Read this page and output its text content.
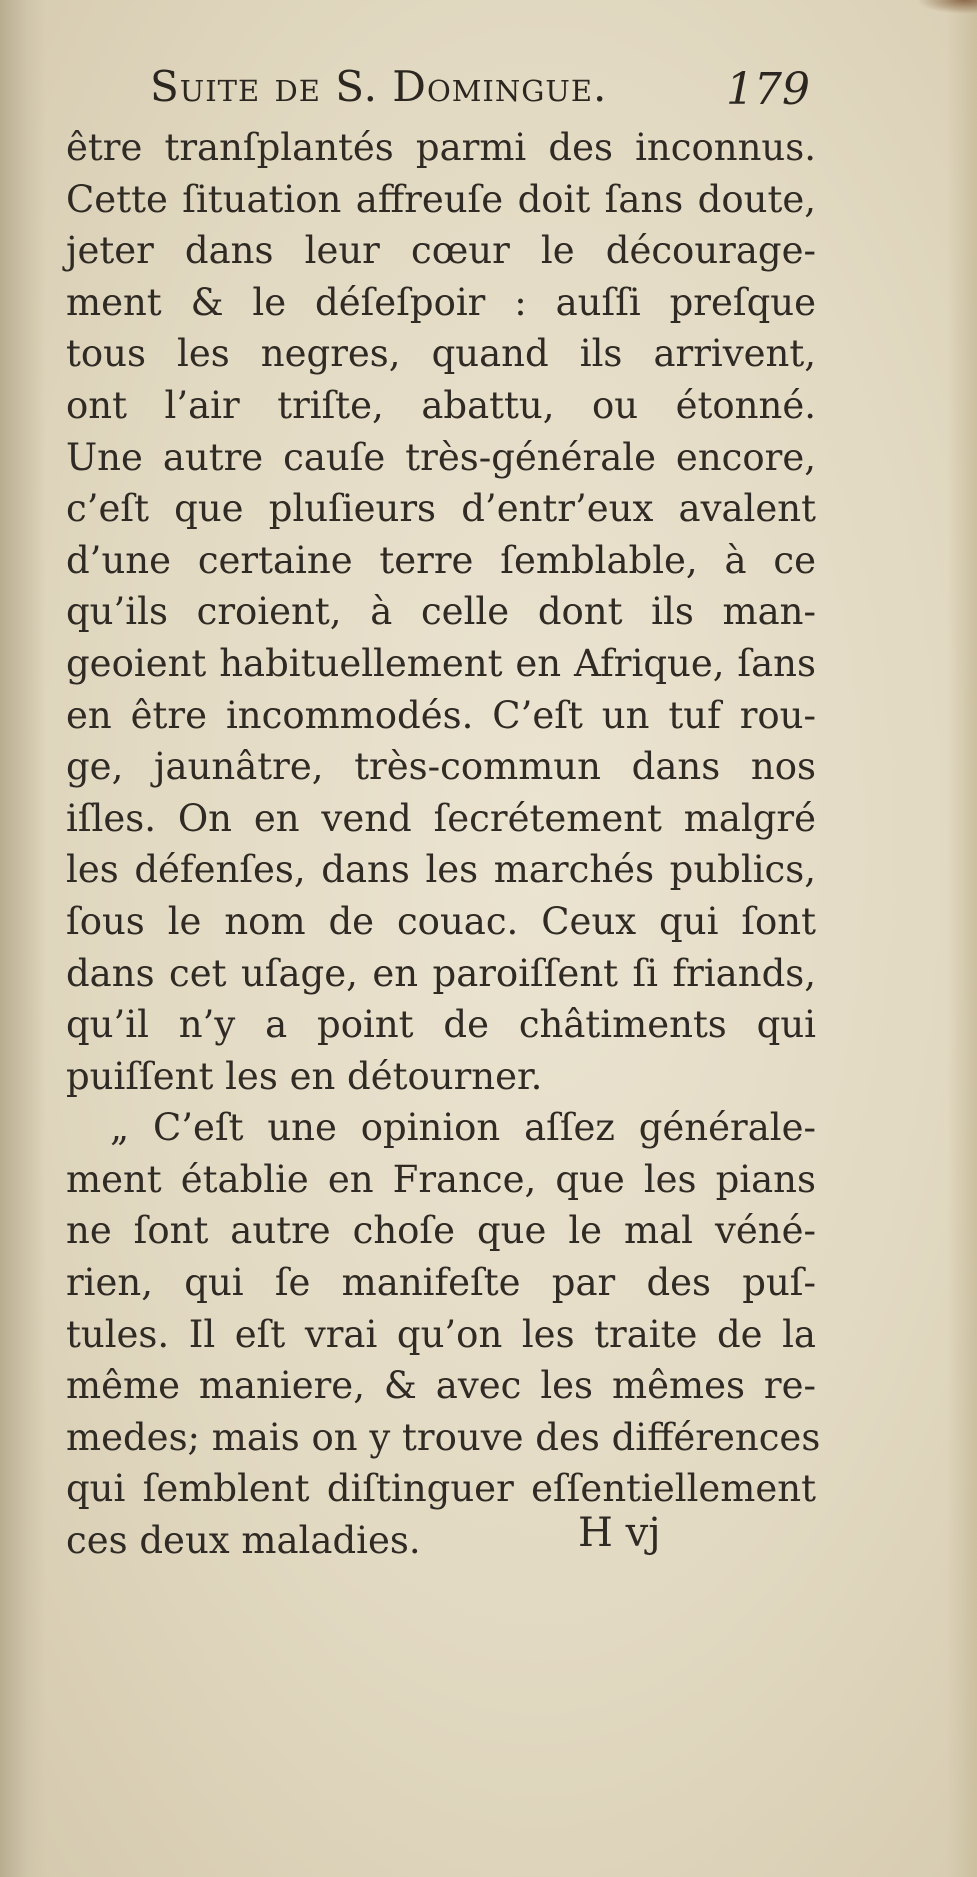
Suite de S. Domingue.	179
être tranſplantés parmi des inconnus.
Cette ſituation affreuſe doit ſans doute,
jeter dans leur cœur le décourage-
ment & le déſeſpoir : auſſi preſque
tous les negres, quand ils arrivent,
ont l’air triſte, abattu, ou étonné.
Une autre cauſe très-générale encore,
c’eſt que pluſieurs d’entr’eux avalent
d’une certaine terre ſemblable, à ce
qu’ils croient, à celle dont ils man-
geoient habituellement en Afrique, ſans
en être incommodés. C’eſt un tuf rou-
ge, jaunâtre, très-commun dans nos
iſles. On en vend ſecrétement malgré
les défenſes, dans les marchés publics,
ſous le nom de couac. Ceux qui ſont
dans cet uſage, en paroiſſent ſi friands,
qu’il n’y a point de châtiments qui
puiſſent les en détourner.
„ C’eſt une opinion aſſez générale-
ment établie en France, que les pians
ne ſont autre choſe que le mal véné-
rien, qui ſe manifeſte par des puſ-
tules. Il eſt vrai qu’on les traite de la
même maniere, & avec les mêmes re-
medes; mais on y trouve des différences
qui ſemblent diſtinguer eſſentiellement
ces deux maladies.	H vj
